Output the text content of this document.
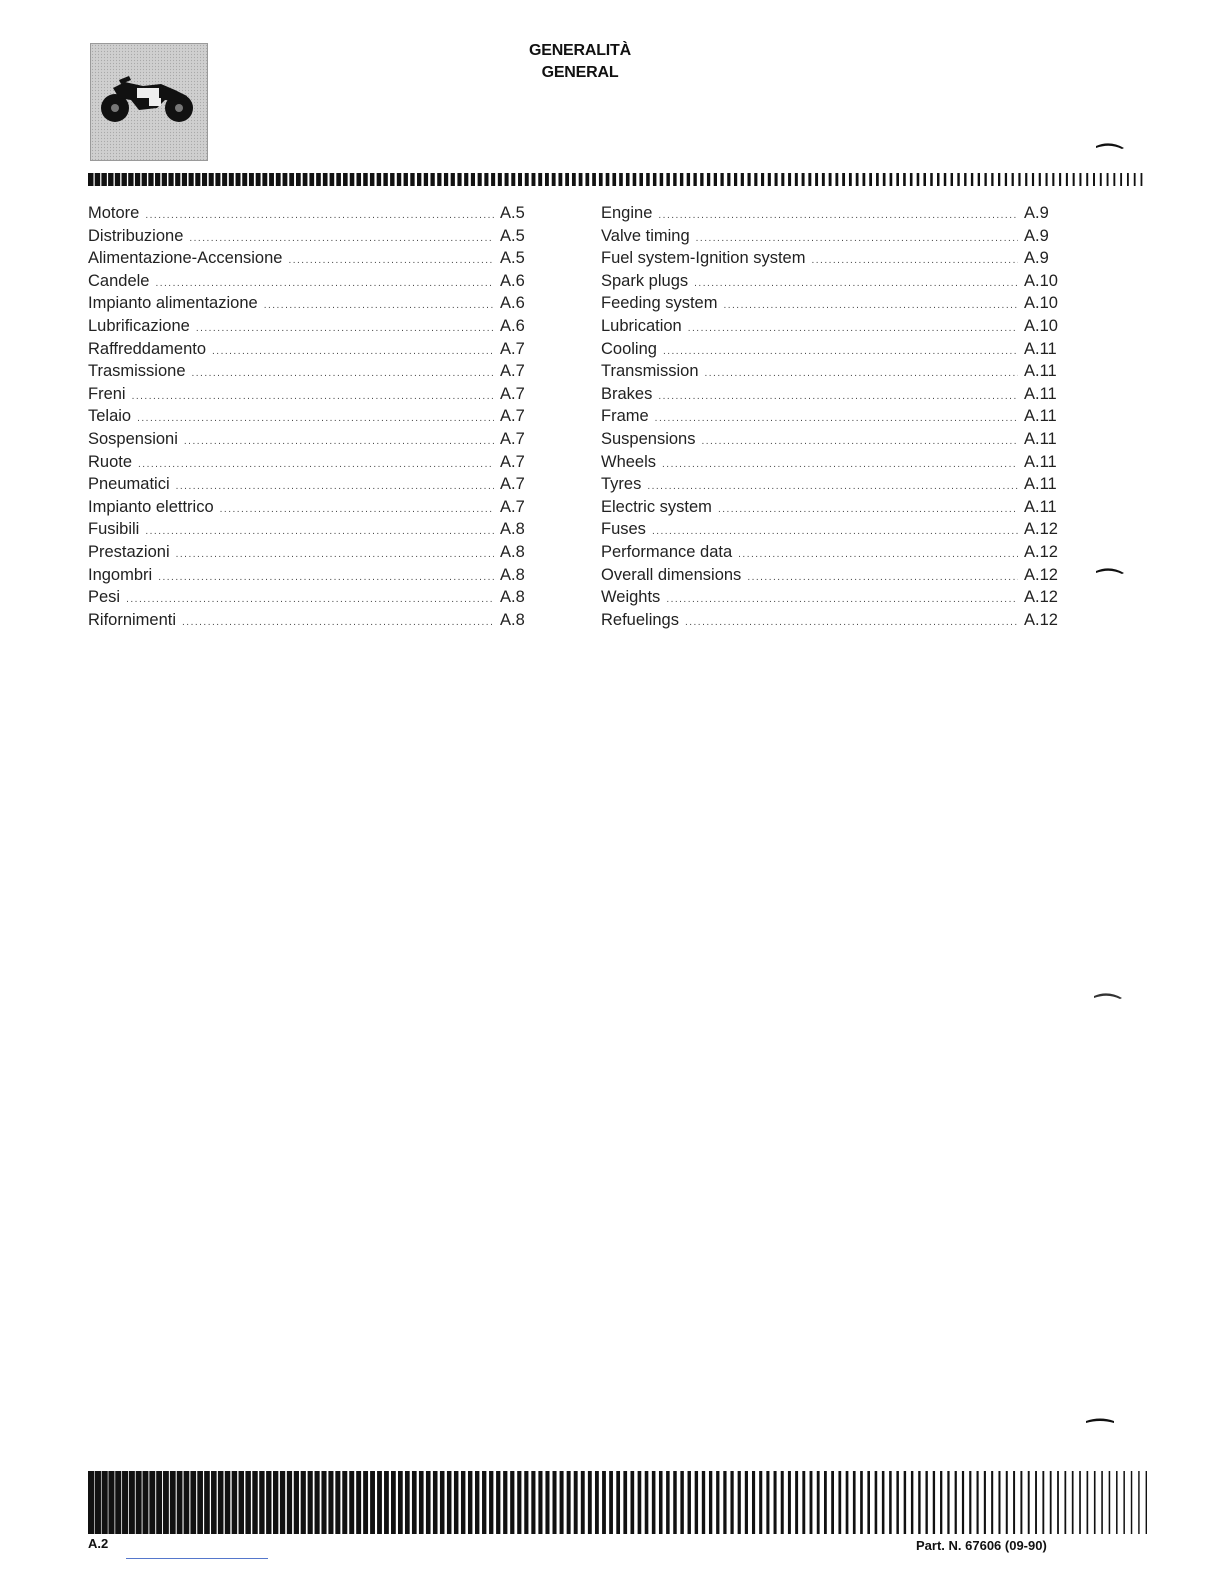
GENERALITÀ
GENERAL
Motore .....	A.5
Distribuzione .....	A.5
Alimentazione-Accensione .....	A.5
Candele .....	A.6
Impianto alimentazione .....	A.6
Lubrificazione .....	A.6
Raffreddamento .....	A.7
Trasmissione .....	A.7
Freni .....	A.7
Telaio .....	A.7
Sospensioni .....	A.7
Ruote .....	A.7
Pneumatici .....	A.7
Impianto elettrico .....	A.7
Fusibili .....	A.8
Prestazioni .....	A.8
Ingombri .....	A.8
Pesi .....	A.8
Rifornimenti .....	A.8
Engine .....	A.9
Valve timing .....	A.9
Fuel system-Ignition system .....	A.9
Spark plugs .....	A.10
Feeding system .....	A.10
Lubrication .....	A.10
Cooling .....	A.11
Transmission .....	A.11
Brakes .....	A.11
Frame .....	A.11
Suspensions .....	A.11
Wheels .....	A.11
Tyres .....	A.11
Electric system .....	A.11
Fuses .....	A.12
Performance data .....	A.12
Overall dimensions .....	A.12
Weights .....	A.12
Refuelings .....	A.12
A.2	Part. N. 67606 (09-90)
